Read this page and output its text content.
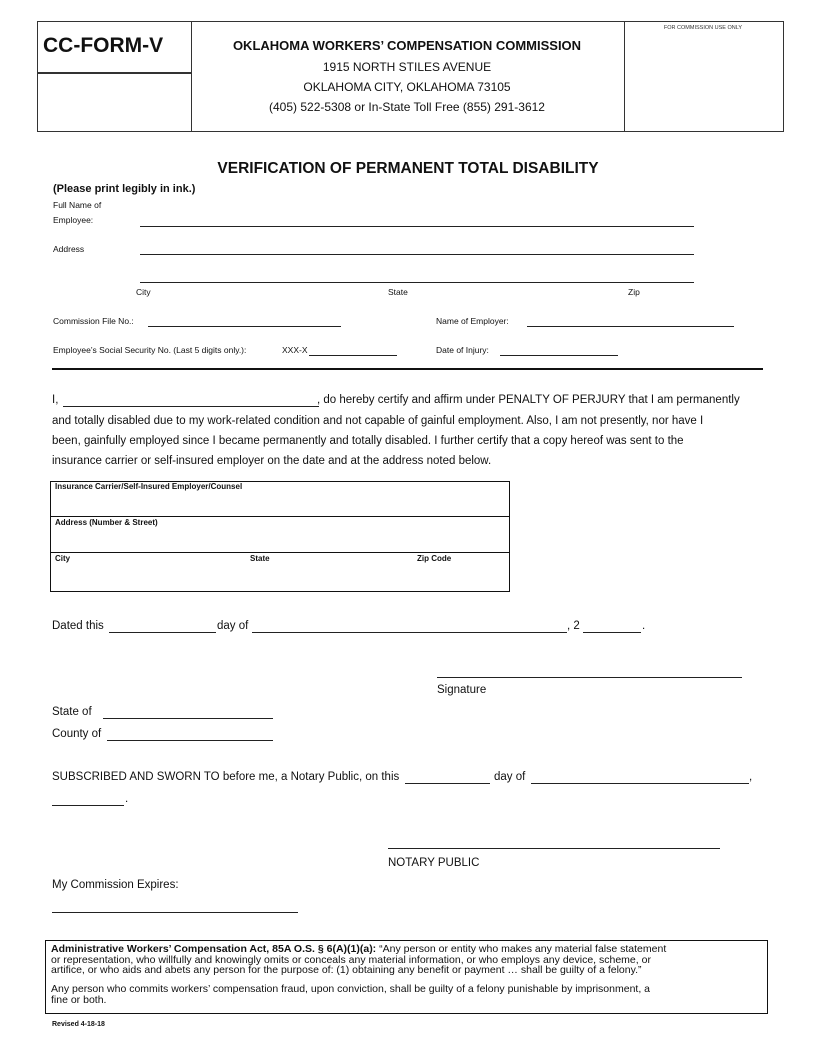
CC-FORM-V	OKLAHOMA WORKERS’ COMPENSATION COMMISSION
1915 NORTH STILES AVENUE
OKLAHOMA CITY, OKLAHOMA 73105
(405) 522-5308 or In-State Toll Free (855) 291-3612
FOR COMMISSION USE ONLY
VERIFICATION OF PERMANENT TOTAL DISABILITY
(Please print legibly in ink.)
Full Name of
Employee:
Address
City	State	Zip
Commission File No.:	Name of Employer:
Employee’s Social Security No. (Last 5 digits only.):	XXX-X	Date of Injury:
I,	, do hereby certify and affirm under PENALTY OF PERJURY that I am permanently
and totally disabled due to my work-related condition and not capable of gainful employment. Also, I am not presently, nor have I
been, gainfully employed since I became permanently and totally disabled. I further certify that a copy hereof was sent to the
insurance carrier or self-insured employer on the date and at the address noted below.
Insurance Carrier/Self-Insured Employer/Counsel
Address (Number & Street)
City	State	Zip Code
Dated this	day of	, 2	.
Signature
State of
County of
SUBSCRIBED AND SWORN TO before me, a Notary Public, on this	day of	,
.
NOTARY PUBLIC
My Commission Expires:
Administrative Workers’ Compensation Act, 85A O.S. § 6(A)(1)(a): “Any person or entity who makes any material false statement
or representation, who willfully and knowingly omits or conceals any material information, or who employs any device, scheme, or
artifice, or who aids and abets any person for the purpose of: (1) obtaining any benefit or payment … shall be guilty of a felony.”
Any person who commits workers’ compensation fraud, upon conviction, shall be guilty of a felony punishable by imprisonment, a
fine or both.
Revised 4-18-18
